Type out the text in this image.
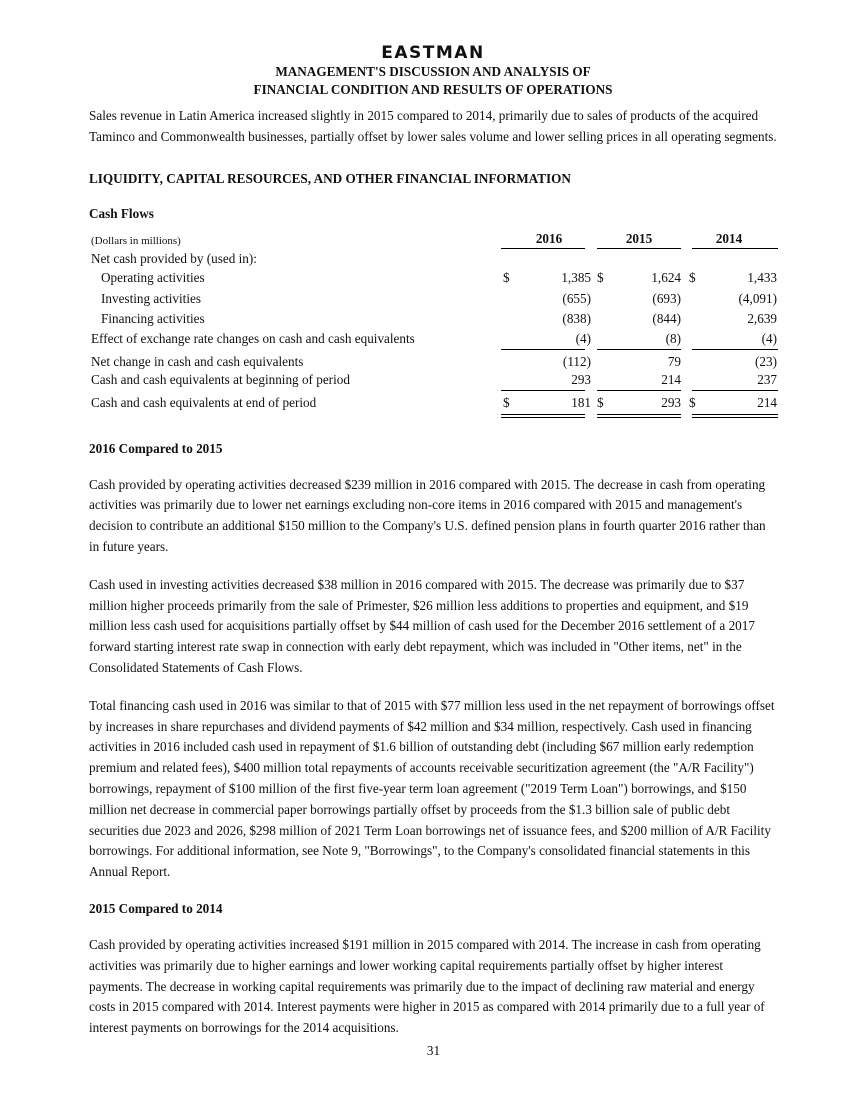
EASTMAN
MANAGEMENT'S DISCUSSION AND ANALYSIS OF
FINANCIAL CONDITION AND RESULTS OF OPERATIONS

Sales revenue in Latin America increased slightly in 2015 compared to 2014, primarily due to sales of products of the acquired Taminco and Commonwealth businesses, partially offset by lower sales volume and lower selling prices in all operating segments.

LIQUIDITY, CAPITAL RESOURCES, AND OTHER FINANCIAL INFORMATION
Cash Flows
(Dollars in millions)	2016	2015	2014
Net cash provided by (used in):
Operating activities	$	1,385 $	1,624 $	1,433
Investing activities	(655)	(693)	(4,091)
Financing activities	(838)	(844)	2,639
Effect of exchange rate changes on cash and cash equivalents	(4)	(8)	(4)
Net change in cash and cash equivalents	(112)	79	(23)
Cash and cash equivalents at beginning of period	293	214	237
Cash and cash equivalents at end of period	$	181 $	293 $	214
2016 Compared to 2015

Cash provided by operating activities decreased $239 million in 2016 compared with 2015. The decrease in cash from operating activities was primarily due to lower net earnings excluding non-core items in 2016 compared with 2015 and management's decision to contribute an additional $150 million to the Company's U.S. defined pension plans in fourth quarter 2016 rather than in future years.

Cash used in investing activities decreased $38 million in 2016 compared with 2015. The decrease was primarily due to $37 million higher proceeds primarily from the sale of Primester, $26 million less additions to properties and equipment, and $19 million less cash used for acquisitions partially offset by $44 million of cash used for the December 2016 settlement of a 2017 forward starting interest rate swap in connection with early debt repayment, which was included in "Other items, net" in the Consolidated Statements of Cash Flows.

Total financing cash used in 2016 was similar to that of 2015 with $77 million less used in the net repayment of borrowings offset by increases in share repurchases and dividend payments of $42 million and $34 million, respectively. Cash used in financing activities in 2016 included cash used in repayment of $1.6 billion of outstanding debt (including $67 million early redemption premium and related fees), $400 million total repayments of accounts receivable securitization agreement (the "A/R Facility") borrowings, repayment of $100 million of the first five-year term loan agreement ("2019 Term Loan") borrowings, and $150 million net decrease in commercial paper borrowings partially offset by proceeds from the $1.3 billion sale of public debt securities due 2023 and 2026, $298 million of 2021 Term Loan borrowings net of issuance fees, and $200 million of A/R Facility borrowings. For additional information, see Note 9, "Borrowings", to the Company's consolidated financial statements in this Annual Report.

2015 Compared to 2014

Cash provided by operating activities increased $191 million in 2015 compared with 2014. The increase in cash from operating activities was primarily due to higher earnings and lower working capital requirements partially offset by higher interest payments. The decrease in working capital requirements was primarily due to the impact of declining raw material and energy costs in 2015 compared with 2014. Interest payments were higher in 2015 as compared with 2014 primarily due to a full year of interest payments on borrowings for the 2014 acquisitions.

31
